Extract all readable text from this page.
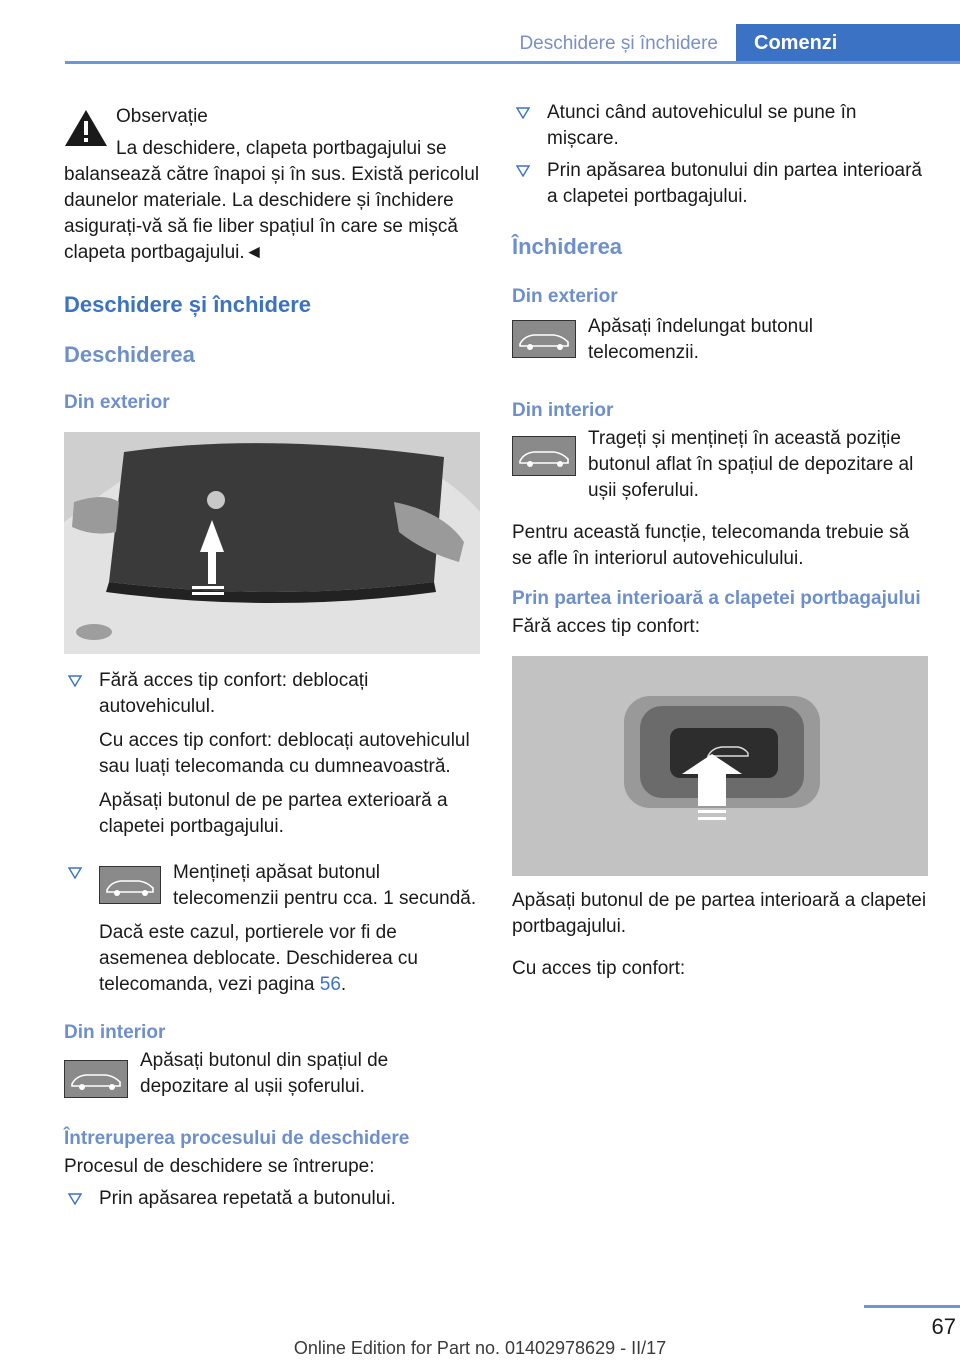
Deschidere și închidere	Comenzi
Observație
La deschidere, clapeta portbagajului se balansează către înapoi și în sus. Există pericolul daunelor materiale. La deschidere și închidere asigurați-vă să fie liber spațiul în care se mișcă clapeta portbagajului.◄
Deschidere și închidere
Deschiderea
Din exterior
Fără acces tip confort: deblocați autovehiculul.
Cu acces tip confort: deblocați autovehiculul sau luați telecomanda cu dumneavoastră.
Apăsați butonul de pe partea exterioară a clapetei portbagajului.
Mențineți apăsat butonul telecomenzii pentru cca. 1 secundă.
Dacă este cazul, portierele vor fi de asemenea deblocate. Deschiderea cu telecomanda, vezi pagina 56.
Din interior
Apăsați butonul din spațiul de depozitare al ușii șoferului.
Întreruperea procesului de deschidere
Procesul de deschidere se întrerupe:
Prin apăsarea repetată a butonului.
Atunci când autovehiculul se pune în mișcare.
Prin apăsarea butonului din partea interioară a clapetei portbagajului.
Închiderea
Din exterior
Apăsați îndelungat butonul telecomenzii.
Din interior
Trageți și mențineți în această poziție butonul aflat în spațiul de depozitare al ușii șoferului.
Pentru această funcție, telecomanda trebuie să se afle în interiorul autovehiculului.
Prin partea interioară a clapetei portbagajului
Fără acces tip confort:
Apăsați butonul de pe partea interioară a clapetei portbagajului.
Cu acces tip confort:
67
Online Edition for Part no. 01402978629 - II/17
